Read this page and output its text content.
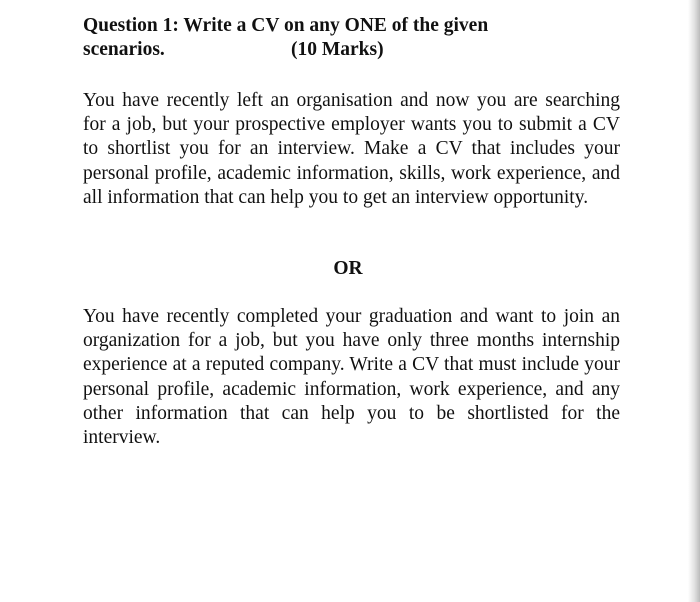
Question 1: Write a CV on any ONE of the given
scenarios.	(10 Marks)

You have recently left an organisation and now you are searching for a job, but your prospective employer wants you to submit a CV to shortlist you for an interview. Make a CV that includes your personal profile, academic information, skills, work experience, and all information that can help you to get an interview opportunity.

OR

You have recently completed your graduation and want to join an organization for a job, but you have only three months internship experience at a reputed company. Write a CV that must include your personal profile, academic information, work experience, and any other information that can help you to be shortlisted for the interview.
